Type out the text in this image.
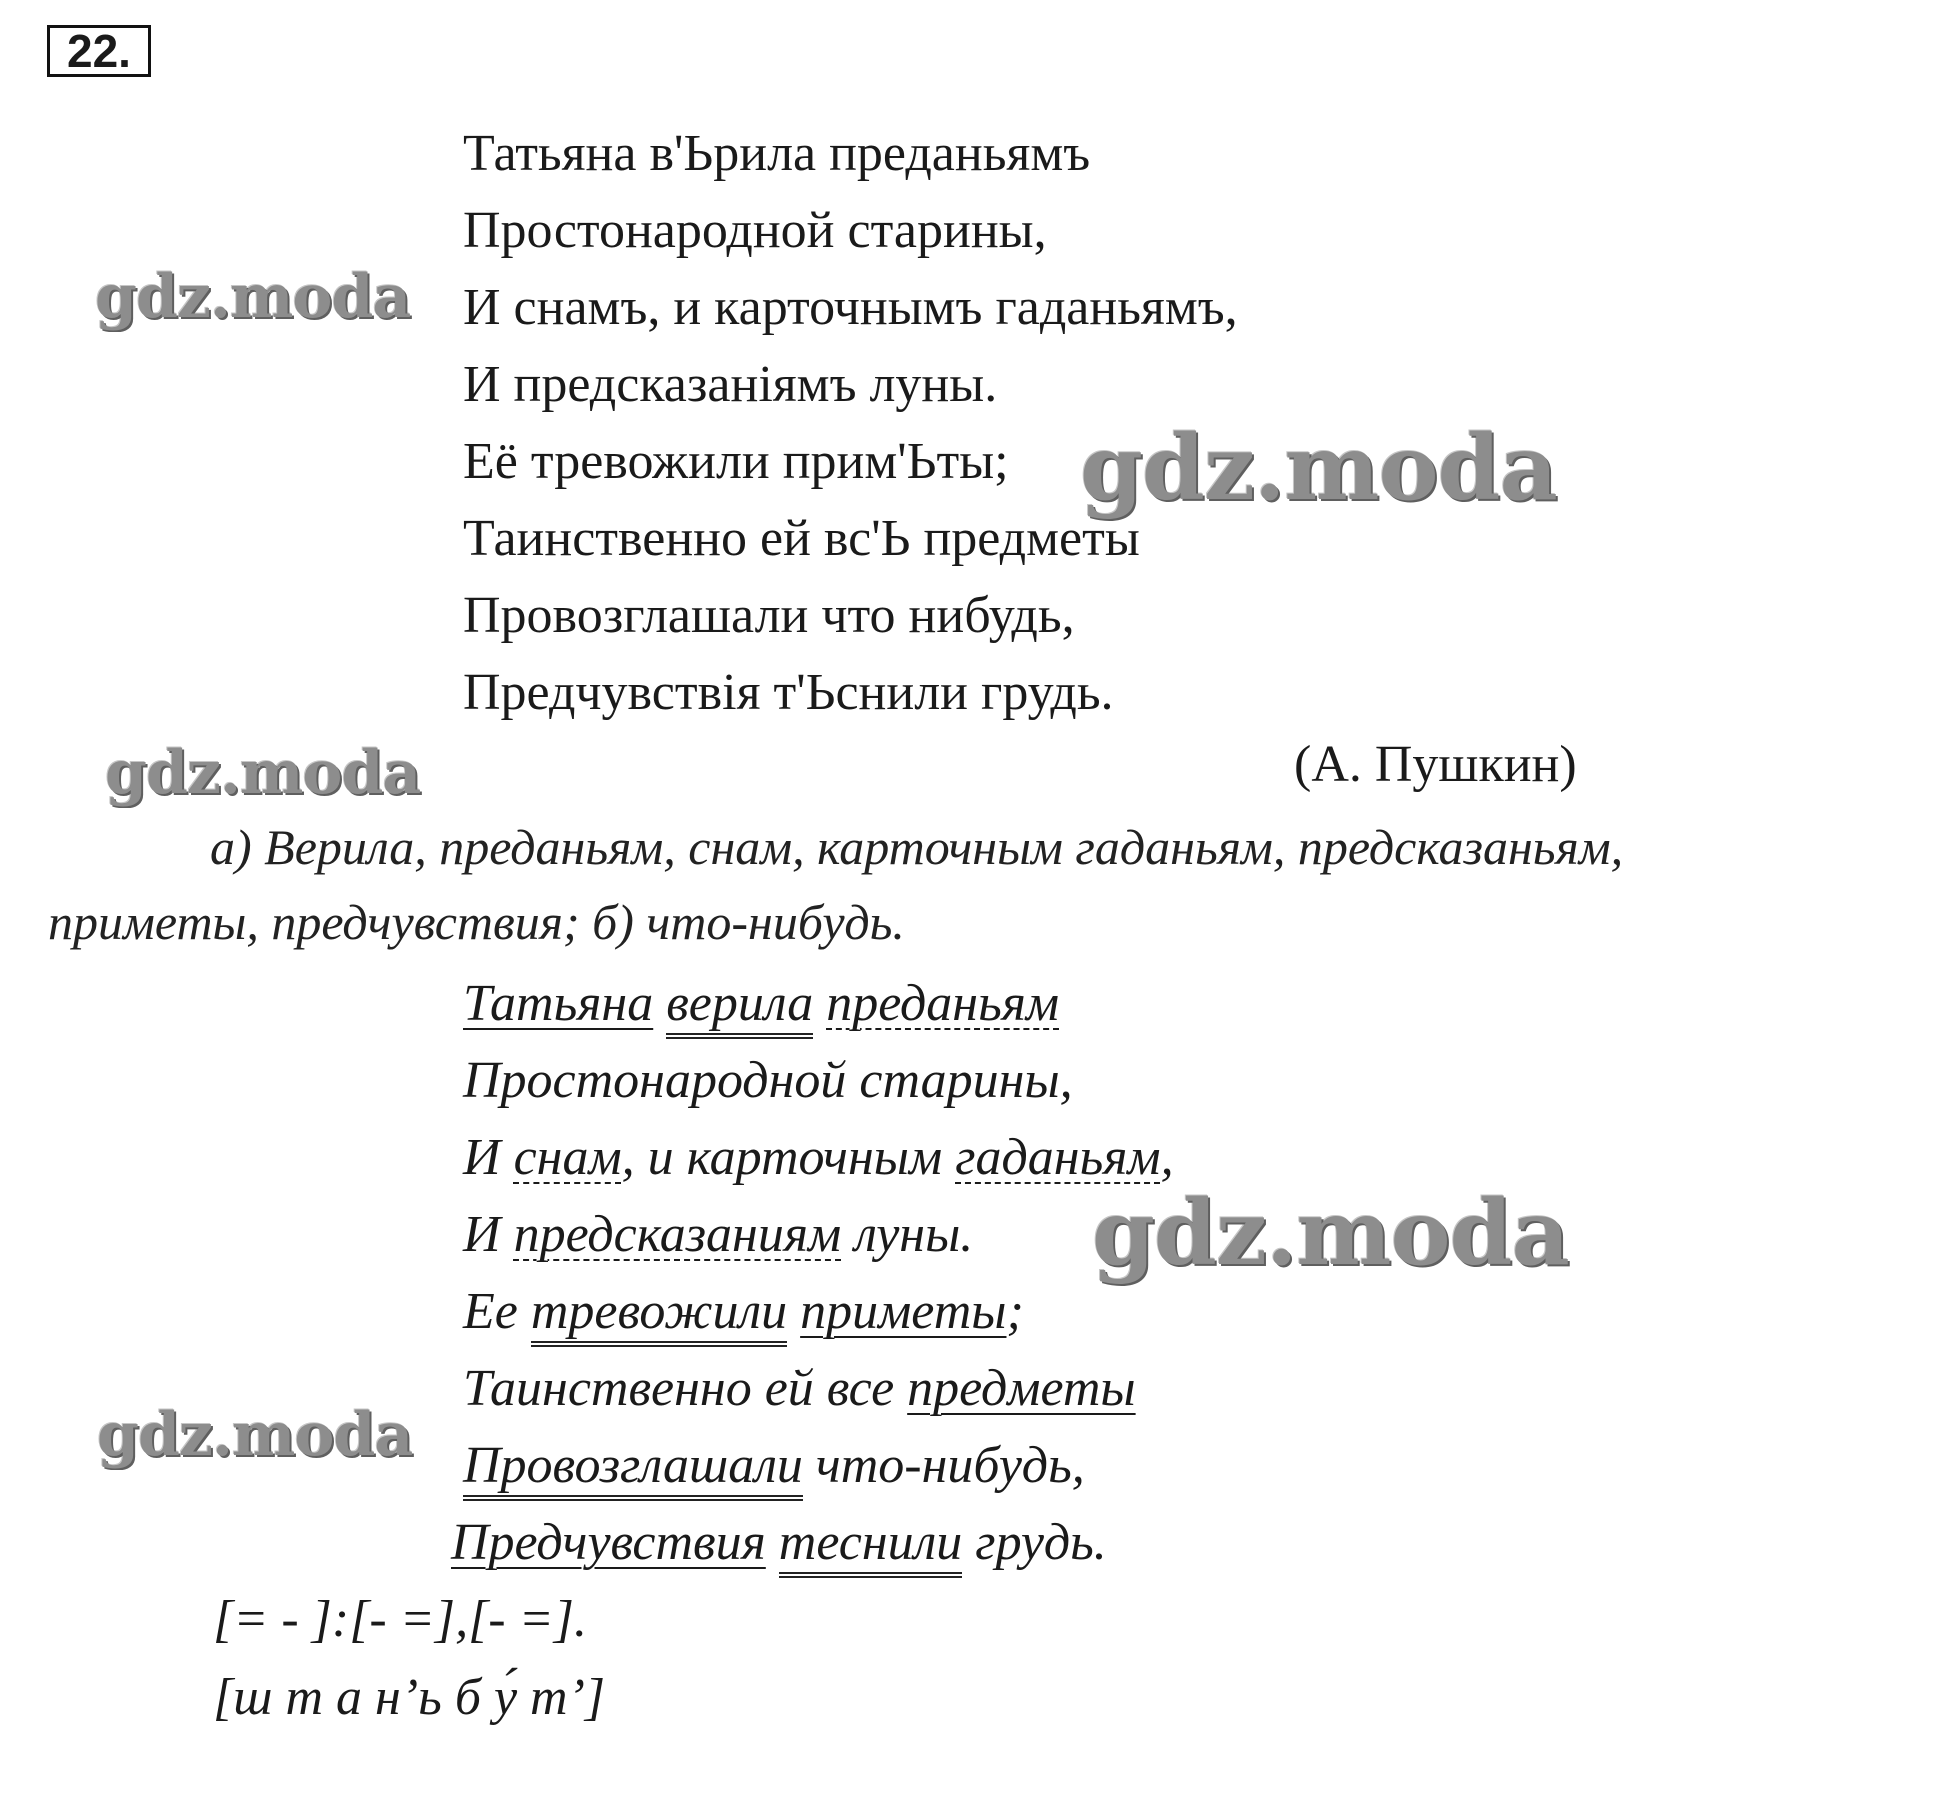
22.
Татьяна в'Ьрила преданьямъ
Простонародной старины,
И снамъ, и карточнымъ гаданьямъ,
И предсказаніямъ луны.
Её тревожили прим'Ьты;
Таинственно ей вс'Ь предметы
Провозглашали что нибудь,
Предчувствія т'Ьснили грудь.
(А. Пушкин)
а) Верила, преданьям, снам, карточным гаданьям, предсказаньям,
приметы, предчувствия; б) что-нибудь.
Татьяна верила преданьям
Простонародной старины,
И снам, и карточным гаданьям,
И предсказаниям луны.
Ее тревожили приметы;
Таинственно ей все предметы
Провозглашали что-нибудь,
Предчувствия теснили грудь.
[= - ]:[- =],[- =].
[ш т а н’ь б у́ т’]
gdz.moda
gdz.moda
gdz.moda
gdz.moda
gdz.moda
